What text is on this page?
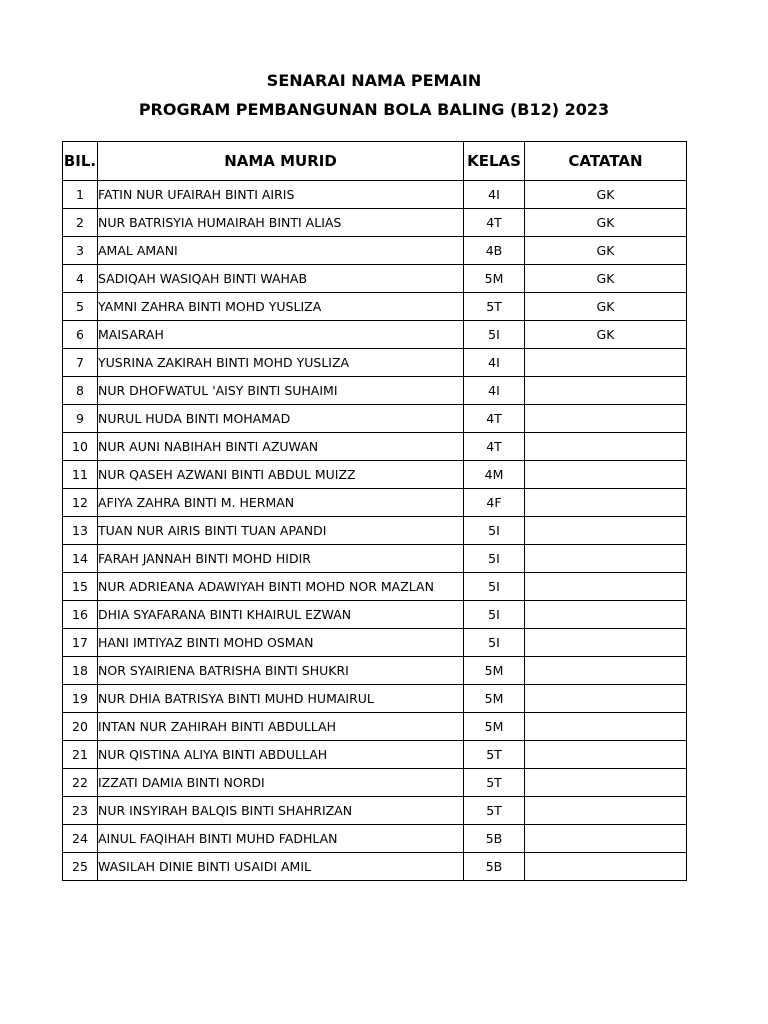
SENARAI NAMA PEMAIN
PROGRAM PEMBANGUNAN BOLA BALING (B12) 2023
BIL.	NAMA MURID	KELAS	CATATAN
1	FATIN NUR UFAIRAH BINTI AIRIS	4I	GK
2	NUR BATRISYIA HUMAIRAH BINTI ALIAS	4T	GK
3	AMAL AMANI	4B	GK
4	SADIQAH WASIQAH BINTI WAHAB	5M	GK
5	YAMNI ZAHRA BINTI MOHD YUSLIZA	5T	GK
6	MAISARAH	5I	GK
7	YUSRINA ZAKIRAH BINTI MOHD YUSLIZA	4I	
8	NUR DHOFWATUL 'AISY BINTI SUHAIMI	4I	
9	NURUL HUDA BINTI MOHAMAD	4T	
10	NUR AUNI NABIHAH BINTI AZUWAN	4T	
11	NUR QASEH AZWANI BINTI ABDUL MUIZZ	4M	
12	AFIYA ZAHRA BINTI M. HERMAN	4F	
13	TUAN NUR AIRIS BINTI TUAN APANDI	5I	
14	FARAH JANNAH BINTI MOHD HIDIR	5I	
15	NUR ADRIEANA ADAWIYAH BINTI MOHD NOR MAZLAN	5I	
16	DHIA SYAFARANA BINTI KHAIRUL EZWAN	5I	
17	HANI IMTIYAZ BINTI MOHD OSMAN	5I	
18	NOR SYAIRIENA BATRISHA BINTI SHUKRI	5M	
19	NUR DHIA BATRISYA BINTI MUHD HUMAIRUL	5M	
20	INTAN NUR ZAHIRAH BINTI ABDULLAH	5M	
21	NUR QISTINA ALIYA BINTI ABDULLAH	5T	
22	IZZATI DAMIA BINTI NORDI	5T	
23	NUR INSYIRAH BALQIS BINTI SHAHRIZAN	5T	
24	AINUL FAQIHAH BINTI MUHD FADHLAN	5B	
25	WASILAH DINIE BINTI USAIDI AMIL	5B	
